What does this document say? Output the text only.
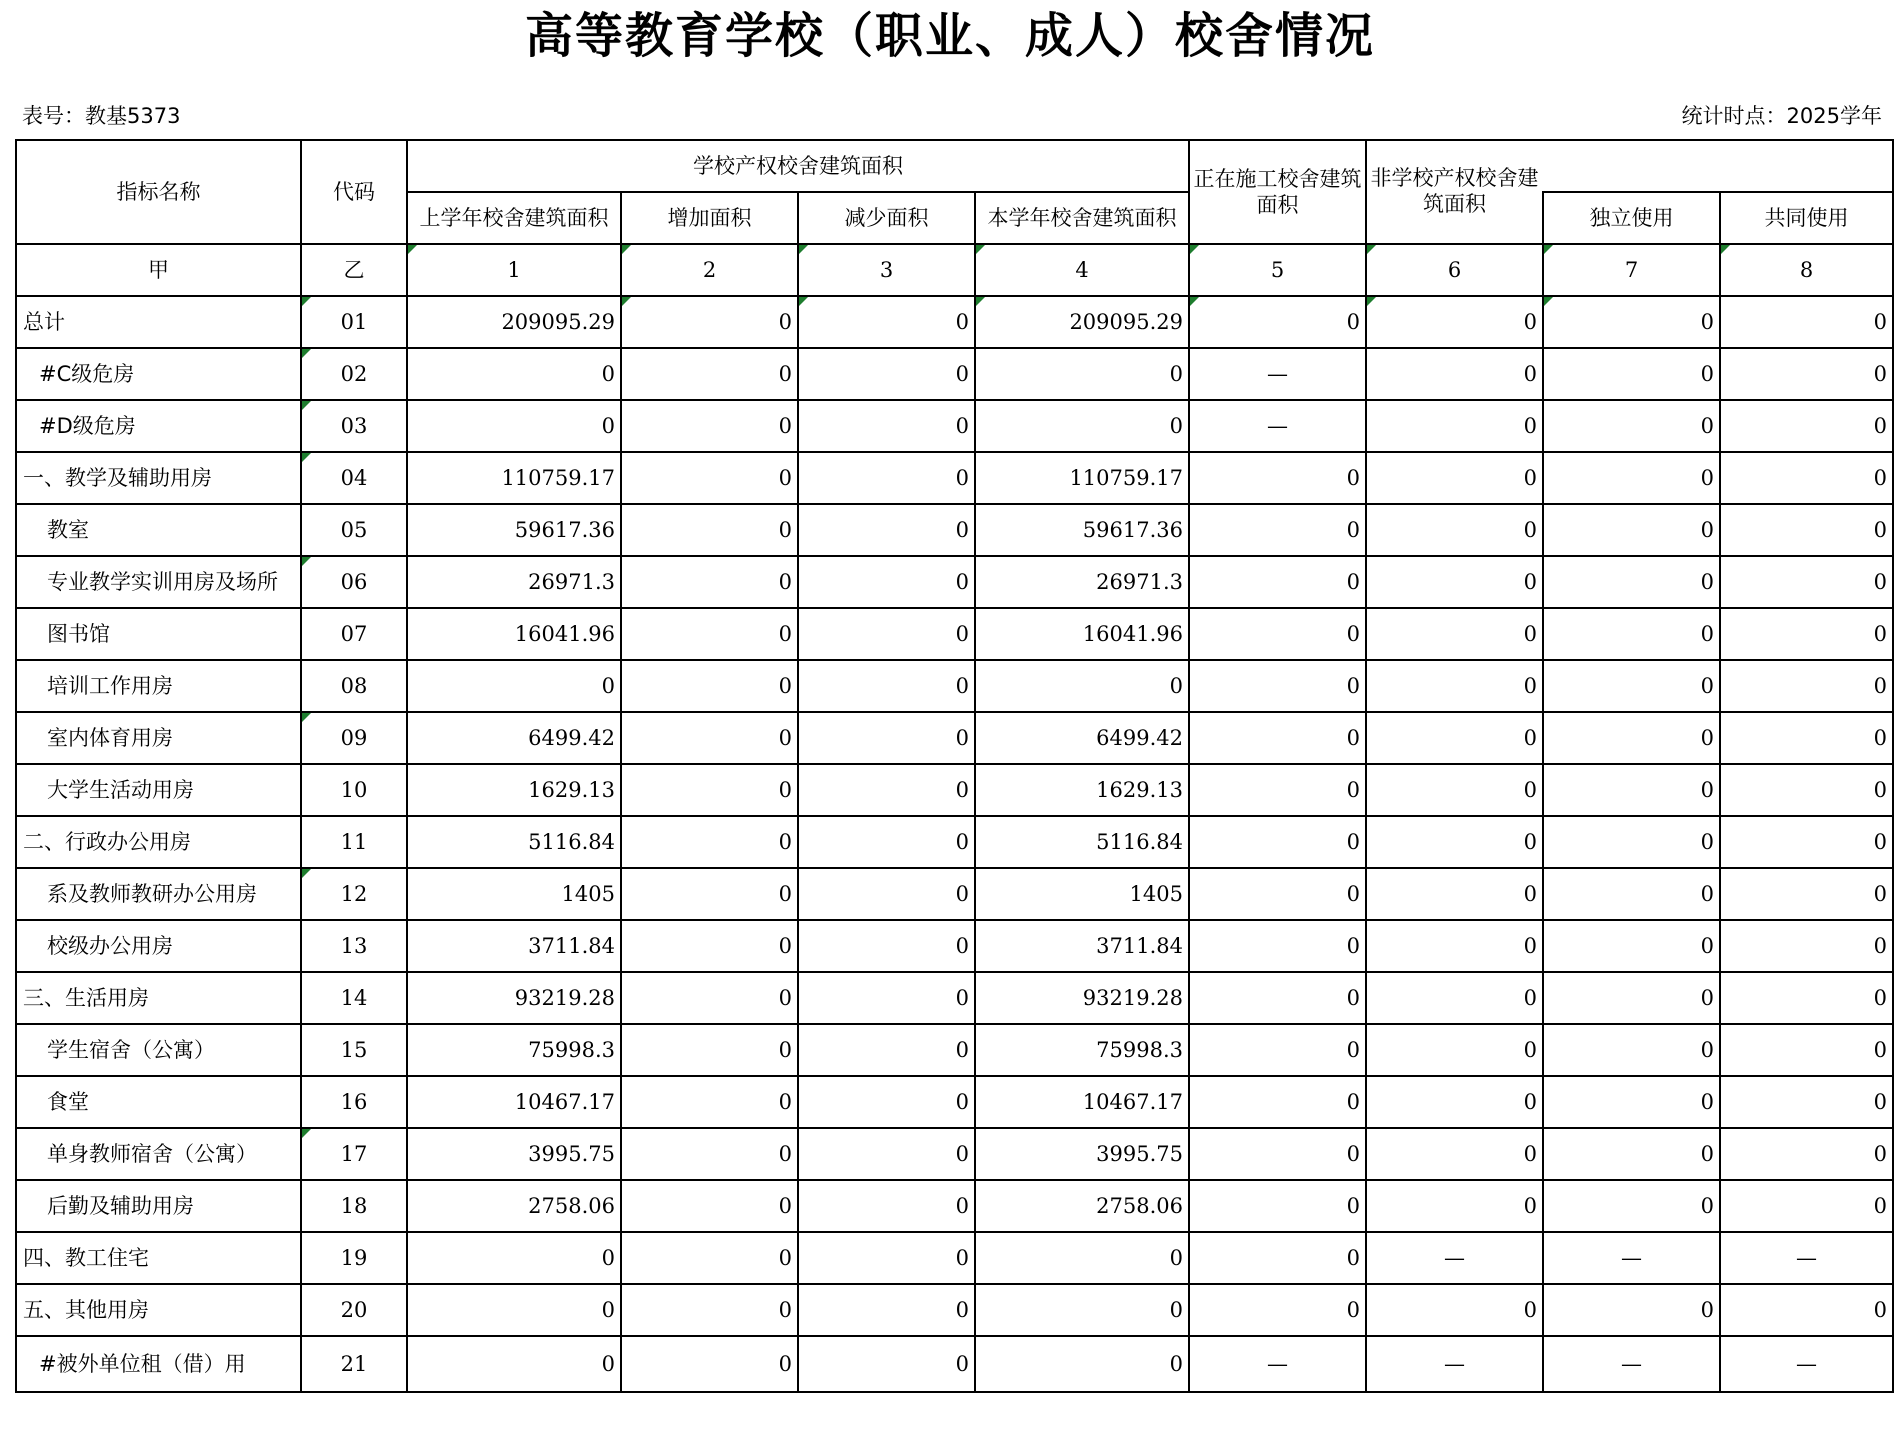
高等教育学校（职业、成人）校舍情况
表号：教基5373	统计时点：2025学年
指标名称	代码	学校产权校舍建筑面积				正在施工校舍建筑面积	非学校产权校舍建筑面积		
		上学年校舍建筑面积	增加面积	减少面积	本学年校舍建筑面积			独立使用	共同使用
甲	乙	1	2	3	4	5	6	7	8
总计	01	209095.29	0	0	209095.29	0	0	0	0
#C级危房	02	0	0	0	0	—	0	0	0
#D级危房	03	0	0	0	0	—	0	0	0
一、教学及辅助用房	04	110759.17	0	0	110759.17	0	0	0	0
教室	05	59617.36	0	0	59617.36	0	0	0	0
专业教学实训用房及场所	06	26971.3	0	0	26971.3	0	0	0	0
图书馆	07	16041.96	0	0	16041.96	0	0	0	0
培训工作用房	08	0	0	0	0	0	0	0	0
室内体育用房	09	6499.42	0	0	6499.42	0	0	0	0
大学生活动用房	10	1629.13	0	0	1629.13	0	0	0	0
二、行政办公用房	11	5116.84	0	0	5116.84	0	0	0	0
系及教师教研办公用房	12	1405	0	0	1405	0	0	0	0
校级办公用房	13	3711.84	0	0	3711.84	0	0	0	0
三、生活用房	14	93219.28	0	0	93219.28	0	0	0	0
学生宿舍（公寓）	15	75998.3	0	0	75998.3	0	0	0	0
食堂	16	10467.17	0	0	10467.17	0	0	0	0
单身教师宿舍（公寓）	17	3995.75	0	0	3995.75	0	0	0	0
后勤及辅助用房	18	2758.06	0	0	2758.06	0	0	0	0
四、教工住宅	19	0	0	0	0	0	—	—	—
五、其他用房	20	0	0	0	0	0	0	0	0
#被外单位租（借）用	21	0	0	0	0	—	—	—	—
